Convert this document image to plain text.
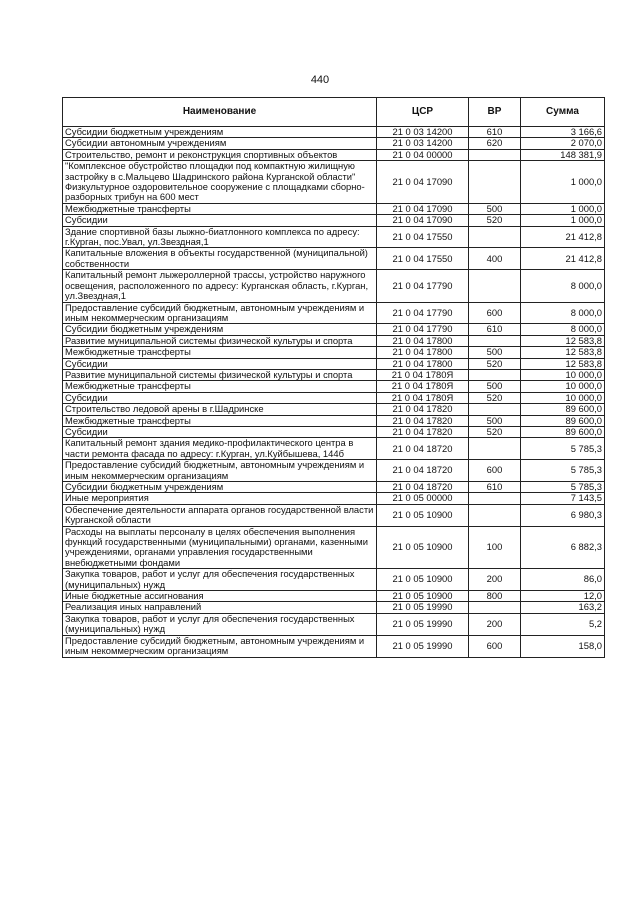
440
Наименование	ЦСР	ВР	Сумма
Субсидии бюджетным учреждениям	21 0 03 14200	610	3 166,6
Субсидии автономным учреждениям	21 0 03 14200	620	2 070,0
Строительство, ремонт и реконструкция спортивных объектов	21 0 04 00000		148 381,9
"Комплексное обустройство площадки под компактную жилищную застройку в с.Мальцево Шадринского района Курганской области" Физкультурное оздоровительное сооружение с площадками сборно-разборных трибун на 600 мест	21 0 04 17090		1 000,0
Межбюджетные трансферты	21 0 04 17090	500	1 000,0
Субсидии	21 0 04 17090	520	1 000,0
Здание спортивной базы лыжно-биатлонного комплекса по адресу: г.Курган, пос.Увал, ул.Звездная,1	21 0 04 17550		21 412,8
Капитальные вложения в объекты государственной (муниципальной) собственности	21 0 04 17550	400	21 412,8
Капитальный ремонт лыжероллерной трассы, устройство наружного освещения, расположенного по адресу: Курганская область, г.Курган, ул.Звездная,1	21 0 04 17790		8 000,0
Предоставление субсидий бюджетным, автономным учреждениям и иным некоммерческим организациям	21 0 04 17790	600	8 000,0
Субсидии бюджетным учреждениям	21 0 04 17790	610	8 000,0
Развитие муниципальной системы физической культуры и спорта	21 0 04 17800		12 583,8
Межбюджетные трансферты	21 0 04 17800	500	12 583,8
Субсидии	21 0 04 17800	520	12 583,8
Развитие муниципальной системы физической культуры и спорта	21 0 04 1780Я		10 000,0
Межбюджетные трансферты	21 0 04 1780Я	500	10 000,0
Субсидии	21 0 04 1780Я	520	10 000,0
Строительство ледовой арены в г.Шадринске	21 0 04 17820		89 600,0
Межбюджетные трансферты	21 0 04 17820	500	89 600,0
Субсидии	21 0 04 17820	520	89 600,0
Капитальный ремонт здания медико-профилактического центра в части ремонта фасада по адресу: г.Курган, ул.Куйбышева, 144б	21 0 04 18720		5 785,3
Предоставление субсидий бюджетным, автономным учреждениям и иным некоммерческим организациям	21 0 04 18720	600	5 785,3
Субсидии бюджетным учреждениям	21 0 04 18720	610	5 785,3
Иные мероприятия	21 0 05 00000		7 143,5
Обеспечение деятельности аппарата органов государственной власти Курганской области	21 0 05 10900		6 980,3
Расходы на выплаты персоналу в целях обеспечения выполнения функций государственными (муниципальными) органами, казенными учреждениями, органами управления государственными внебюджетными фондами	21 0 05 10900	100	6 882,3
Закупка товаров, работ и услуг для обеспечения государственных (муниципальных) нужд	21 0 05 10900	200	86,0
Иные бюджетные ассигнования	21 0 05 10900	800	12,0
Реализация иных направлений	21 0 05 19990		163,2
Закупка товаров, работ и услуг для обеспечения государственных (муниципальных) нужд	21 0 05 19990	200	5,2
Предоставление субсидий бюджетным, автономным учреждениям и иным некоммерческим организациям	21 0 05 19990	600	158,0
